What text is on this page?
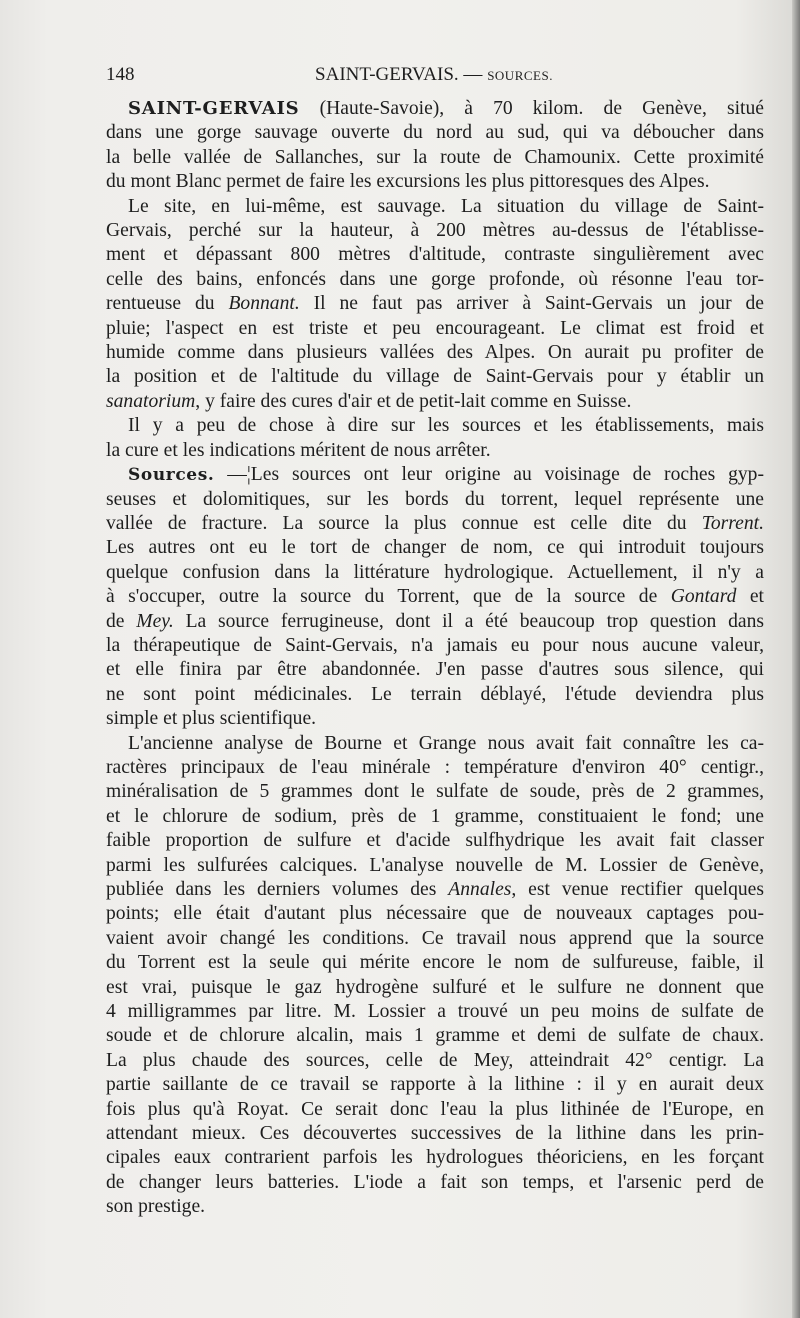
148	SAINT-GERVAIS. — SOURCES.

SAINT-GERVAIS (Haute-Savoie), à 70 kilom. de Genève, situé
dans une gorge sauvage ouverte du nord au sud, qui va déboucher dans
la belle vallée de Sallanches, sur la route de Chamounix. Cette proximité
du mont Blanc permet de faire les excursions les plus pittoresques des Alpes.

Le site, en lui-même, est sauvage. La situation du village de Saint-
Gervais, perché sur la hauteur, à 200 mètres au-dessus de l'établisse-
ment et dépassant 800 mètres d'altitude, contraste singulièrement avec
celle des bains, enfoncés dans une gorge profonde, où résonne l'eau tor-
rentueuse du Bonnant. Il ne faut pas arriver à Saint-Gervais un jour de
pluie; l'aspect en est triste et peu encourageant. Le climat est froid et
humide comme dans plusieurs vallées des Alpes. On aurait pu profiter de
la position et de l'altitude du village de Saint-Gervais pour y établir un
sanatorium, y faire des cures d'air et de petit-lait comme en Suisse.

Il y a peu de chose à dire sur les sources et les établissements, mais
la cure et les indications méritent de nous arrêter.

Sources. —¦Les sources ont leur origine au voisinage de roches gyp-
seuses et dolomitiques, sur les bords du torrent, lequel représente une
vallée de fracture. La source la plus connue est celle dite du Torrent.
Les autres ont eu le tort de changer de nom, ce qui introduit toujours
quelque confusion dans la littérature hydrologique. Actuellement, il n'y a
à s'occuper, outre la source du Torrent, que de la source de Gontard et
de Mey. La source ferrugineuse, dont il a été beaucoup trop question dans
la thérapeutique de Saint-Gervais, n'a jamais eu pour nous aucune valeur,
et elle finira par être abandonnée. J'en passe d'autres sous silence, qui
ne sont point médicinales. Le terrain déblayé, l'étude deviendra plus
simple et plus scientifique.

L'ancienne analyse de Bourne et Grange nous avait fait connaître les ca-
ractères principaux de l'eau minérale : température d'environ 40° centigr.,
minéralisation de 5 grammes dont le sulfate de soude, près de 2 grammes,
et le chlorure de sodium, près de 1 gramme, constituaient le fond; une
faible proportion de sulfure et d'acide sulfhydrique les avait fait classer
parmi les sulfurées calciques. L'analyse nouvelle de M. Lossier de Genève,
publiée dans les derniers volumes des Annales, est venue rectifier quelques
points; elle était d'autant plus nécessaire que de nouveaux captages pou-
vaient avoir changé les conditions. Ce travail nous apprend que la source
du Torrent est la seule qui mérite encore le nom de sulfureuse, faible, il
est vrai, puisque le gaz hydrogène sulfuré et le sulfure ne donnent que
4 milligrammes par litre. M. Lossier a trouvé un peu moins de sulfate de
soude et de chlorure alcalin, mais 1 gramme et demi de sulfate de chaux.
La plus chaude des sources, celle de Mey, atteindrait 42° centigr. La
partie saillante de ce travail se rapporte à la lithine : il y en aurait deux
fois plus qu'à Royat. Ce serait donc l'eau la plus lithinée de l'Europe, en
attendant mieux. Ces découvertes successives de la lithine dans les prin-
cipales eaux contrarient parfois les hydrologues théoriciens, en les forçant
de changer leurs batteries. L'iode a fait son temps, et l'arsenic perd de
son prestige.
